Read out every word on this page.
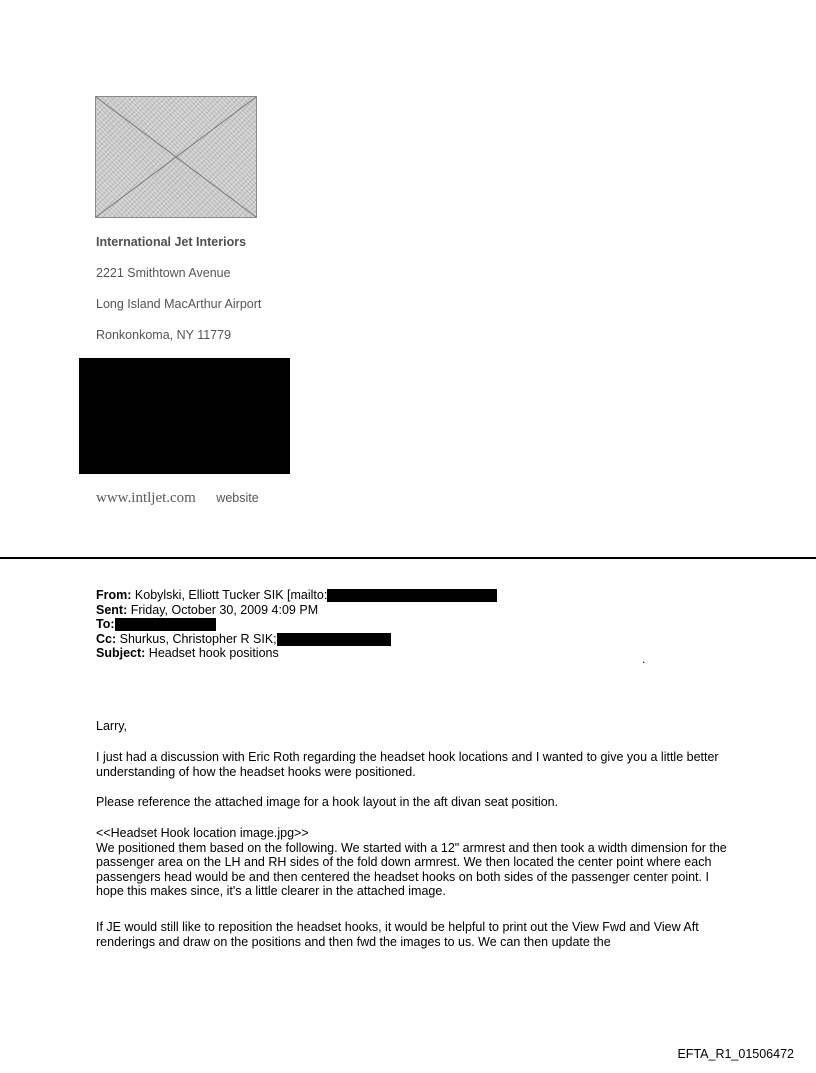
International Jet Interiors
2221 Smithtown Avenue
Long Island MacArthur Airport
Ronkonkoma, NY 11779
www.intljet.com website
From: Kobylski, Elliott Tucker SIK [mailto:
Sent: Friday, October 30, 2009 4:09 PM
To:
Cc: Shurkus, Christopher R SIK;
Subject: Headset hook positions	.
Larry,
I just had a discussion with Eric Roth regarding the headset hook locations and I wanted to give you a little better understanding of how the headset hooks were positioned.
Please reference the attached image for a hook layout in the aft divan seat position.
<<Headset Hook location image.jpg>>
We positioned them based on the following. We started with a 12" armrest and then took a width dimension for the passenger area on the LH and RH sides of the fold down armrest. We then located the center point where each passengers head would be and then centered the headset hooks on both sides of the passenger center point. I hope this makes since, it's a little clearer in the attached image.
If JE would still like to reposition the headset hooks, it would be helpful to print out the View Fwd and View Aft renderings and draw on the positions and then fwd the images to us. We can then update the
EFTA_R1_01506472
